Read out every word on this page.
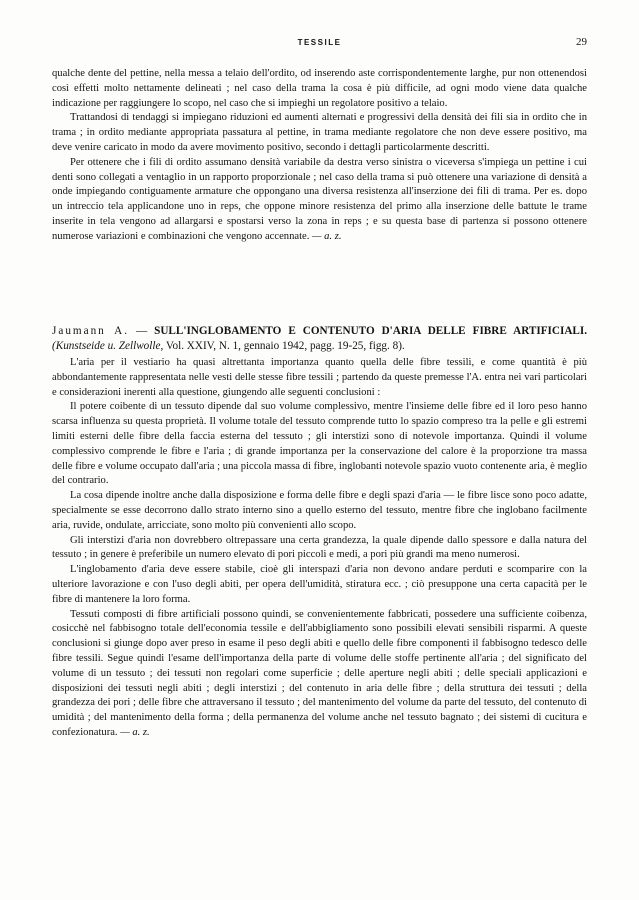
TESSILE	29

qualche dente del pettine, nella messa a telaio dell'ordito, od inserendo aste corrispondentemente larghe, pur non ottenendosi così effetti molto nettamente delineati ; nel caso della trama la cosa è più difficile, ad ogni modo viene data qualche indicazione per raggiungere lo scopo, nel caso che si impieghi un regolatore positivo a telaio.

Trattandosi di tendaggi si impiegano riduzioni ed aumenti alternati e progressivi della densità dei fili sia in ordito che in trama ; in ordito mediante appropriata passatura al pettine, in trama mediante regolatore che non deve essere positivo, ma deve venire caricato in modo da avere movimento positivo, secondo i dettagli particolarmente descritti.

Per ottenere che i fili di ordito assumano densità variabile da destra verso sinistra o viceversa s'impiega un pettine i cui denti sono collegati a ventaglio in un rapporto proporzionale ; nel caso della trama si può ottenere una variazione di densità a onde impiegando contiguamente armature che oppongano una diversa resistenza all'inserzione dei fili di trama. Per es. dopo un intreccio tela applicandone uno in reps, che oppone minore resistenza del primo alla inserzione delle battute le trame inserite in tela vengono ad allargarsi e spostarsi verso la zona in reps ; e su questa base di partenza si possono ottenere numerose variazioni e combinazioni che vengono accennate. — a. z.

Jaumann A. — SULL'INGLOBAMENTO E CONTENUTO D'ARIA DELLE FIBRE ARTIFICIALI. (Kunstseide u. Zellwolle, Vol. XXIV, N. 1, gennaio 1942, pagg. 19-25, figg. 8).

L'aria per il vestiario ha quasi altrettanta importanza quanto quella delle fibre tessili, e come quantità è più abbondantemente rappresentata nelle vesti delle stesse fibre tessili ; partendo da queste premesse l'A. entra nei vari particolari e considerazioni inerenti alla questione, giungendo alle seguenti conclusioni :

Il potere coibente di un tessuto dipende dal suo volume complessivo, mentre l'insieme delle fibre ed il loro peso hanno scarsa influenza su questa proprietà. Il volume totale del tessuto comprende tutto lo spazio compreso tra la pelle e gli estremi limiti esterni delle fibre della faccia esterna del tessuto ; gli interstizi sono di notevole importanza. Quindi il volume complessivo comprende le fibre e l'aria ; di grande importanza per la conservazione del calore è la proporzione tra massa delle fibre e volume occupato dall'aria ; una piccola massa di fibre, inglobanti notevole spazio vuoto contenente aria, è meglio del contrario.

La cosa dipende inoltre anche dalla disposizione e forma delle fibre e degli spazi d'aria — le fibre lisce sono poco adatte, specialmente se esse decorrono dallo strato interno sino a quello esterno del tessuto, mentre fibre che inglobano facilmente aria, ruvide, ondulate, arricciate, sono molto più convenienti allo scopo.

Gli interstizi d'aria non dovrebbero oltrepassare una certa grandezza, la quale dipende dallo spessore e dalla natura del tessuto ; in genere è preferibile un numero elevato di pori piccoli e medi, a pori più grandi ma meno numerosi.

L'inglobamento d'aria deve essere stabile, cioè gli interspazi d'aria non devono andare perduti e scomparire con la ulteriore lavorazione e con l'uso degli abiti, per opera dell'umidità, stiratura ecc. ; ciò presuppone una certa capacità per le fibre di mantenere la loro forma.

Tessuti composti di fibre artificiali possono quindi, se convenientemente fabbricati, possedere una sufficiente coibenza, cosicchè nel fabbisogno totale dell'economia tessile e dell'abbigliamento sono possibili elevati sensibili risparmi. A queste conclusioni si giunge dopo aver preso in esame il peso degli abiti e quello delle fibre componenti il fabbisogno tedesco delle fibre tessili. Segue quindi l'esame dell'importanza della parte di volume delle stoffe pertinente all'aria ; del significato del volume di un tessuto ; dei tessuti non regolari come superficie ; delle aperture negli abiti ; delle speciali applicazioni e disposizioni dei tessuti negli abiti ; degli interstizi ; del contenuto in aria delle fibre ; della struttura dei tessuti ; della grandezza dei pori ; delle fibre che attraversano il tessuto ; del mantenimento del volume da parte del tessuto, del contenuto di umidità ; del mantenimento della forma ; della permanenza del volume anche nel tessuto bagnato ; dei sistemi di cucitura e confezionatura. — a. z.
